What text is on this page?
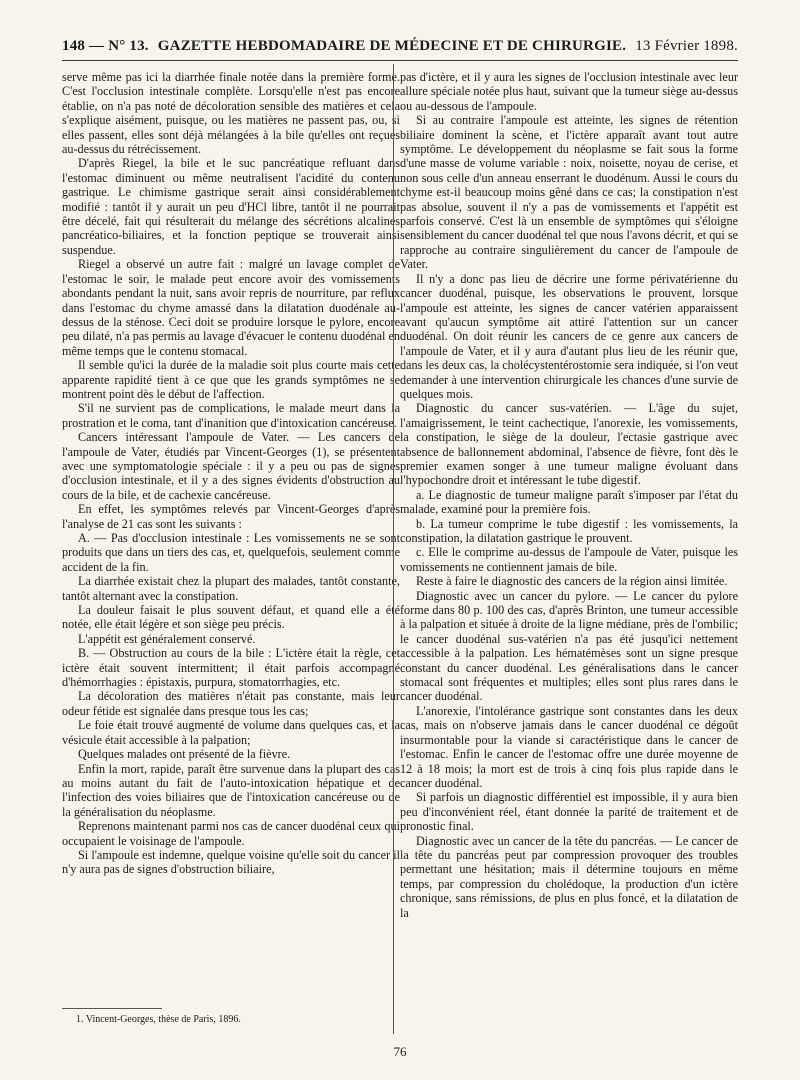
148 — N° 13. GAZETTE HEBDOMADAIRE DE MÉDECINE ET DE CHIRURGIE. 13 Février 1898.

serve même pas ici la diarrhée finale notée dans la première forme. C'est l'occlusion intestinale complète. Lorsqu'elle n'est pas encore établie, on n'a pas noté de décoloration sensible des matières et cela s'explique aisément, puisque, ou les matières ne passent pas, ou, si elles passent, elles sont déjà mélangées à la bile qu'elles ont reçues au-dessus du rétrécissement.

D'après Riegel, la bile et le suc pancréatique refluant dans l'estomac diminuent ou même neutralisent l'acidité du contenu gastrique. Le chimisme gastrique serait ainsi considérablement modifié : tantôt il y aurait un peu d'HCl libre, tantôt il ne pourrait être décelé, fait qui résulterait du mélange des sécrétions alcalines pancréatico-biliaires, et la fonction peptique se trouverait ainsi suspendue.

Riegel a observé un autre fait : malgré un lavage complet de l'estomac le soir, le malade peut encore avoir des vomissements abondants pendant la nuit, sans avoir repris de nourriture, par reflux dans l'estomac du chyme amassé dans la dilatation duodénale au-dessus de la sténose. Ceci doit se produire lorsque le pylore, encore peu dilaté, n'a pas permis au lavage d'évacuer le contenu duodénal en même temps que le contenu stomacal.

Il semble qu'ici la durée de la maladie soit plus courte mais cette apparente rapidité tient à ce que que les grands symptômes ne se montrent point dès le début de l'affection.

S'il ne survient pas de complications, le malade meurt dans la prostration et le coma, tant d'inanition que d'intoxication cancéreuse.

Cancers intéressant l'ampoule de Vater. — Les cancers de l'ampoule de Vater, étudiés par Vincent-Georges (1), se présentent avec une symptomatologie spéciale : il y a peu ou pas de signes d'occlusion intestinale, et il y a des signes évidents d'obstruction au cours de la bile, et de cachexie cancéreuse.

En effet, les symptômes relevés par Vincent-Georges d'après l'analyse de 21 cas sont les suivants :

A. — Pas d'occlusion intestinale : Les vomissements ne se sont produits que dans un tiers des cas, et, quelquefois, seulement comme accident de la fin.

La diarrhée existait chez la plupart des malades, tantôt constante, tantôt alternant avec la constipation.

La douleur faisait le plus souvent défaut, et quand elle a été notée, elle était légère et son siège peu précis.

L'appétit est généralement conservé.

B. — Obstruction au cours de la bile : L'ictère était la règle, cet ictère était souvent intermittent; il était parfois accompagné d'hémorrhagies : épistaxis, purpura, stomatorrhagies, etc.

La décoloration des matières n'était pas constante, mais leur odeur fétide est signalée dans presque tous les cas;

Le foie était trouvé augmenté de volume dans quelques cas, et la vésicule était accessible à la palpation;

Quelques malades ont présenté de la fièvre.

Enfin la mort, rapide, paraît être survenue dans la plupart des cas au moins autant du fait de l'auto-intoxication hépatique et de l'infection des voies biliaires que de l'intoxication cancéreuse ou de la généralisation du néoplasme.

Reprenons maintenant parmi nos cas de cancer duodénal ceux qui occupaient le voisinage de l'ampoule.

Si l'ampoule est indemne, quelque voisine qu'elle soit du cancer il n'y aura pas de signes d'obstruction biliaire,

pas d'ictère, et il y aura les signes de l'occlusion intestinale avec leur allure spéciale notée plus haut, suivant que la tumeur siège au-dessus ou au-dessous de l'ampoule.

Si au contraire l'ampoule est atteinte, les signes de rétention biliaire dominent la scène, et l'ictère apparaît avant tout autre symptôme. Le développement du néoplasme se fait sous la forme d'une masse de volume variable : noix, noisette, noyau de cerise, et non sous celle d'un anneau enserrant le duodénum. Aussi le cours du chyme est-il beaucoup moins gêné dans ce cas; la constipation n'est pas absolue, souvent il n'y a pas de vomissements et l'appétit est parfois conservé. C'est là un ensemble de symptômes qui s'éloigne sensiblement du cancer duodénal tel que nous l'avons décrit, et qui se rapproche au contraire singulièrement du cancer de l'ampoule de Vater.

Il n'y a donc pas lieu de décrire une forme périvatérienne du cancer duodénal, puisque, les observations le prouvent, lorsque l'ampoule est atteinte, les signes de cancer vatérien apparaissent avant qu'aucun symptôme ait attiré l'attention sur un cancer duodénal. On doit réunir les cancers de ce genre aux cancers de l'ampoule de Vater, et il y aura d'autant plus lieu de les réunir que, dans les deux cas, la cholécystentérostomie sera indiquée, si l'on veut demander à une intervention chirurgicale les chances d'une survie de quelques mois.

Diagnostic du cancer sus-vatérien. — L'âge du sujet, l'amaigrissement, le teint cachectique, l'anorexie, les vomissements, la constipation, le siège de la douleur, l'ectasie gastrique avec absence de ballonnement abdominal, l'absence de fièvre, font dès le premier examen songer à une tumeur maligne évoluant dans l'hypochondre droit et intéressant le tube digestif.

a. Le diagnostic de tumeur maligne paraît s'imposer par l'état du malade, examiné pour la première fois.

b. La tumeur comprime le tube digestif : les vomissements, la constipation, la dilatation gastrique le prouvent.

c. Elle le comprime au-dessus de l'ampoule de Vater, puisque les vomissements ne contiennent jamais de bile.

Reste à faire le diagnostic des cancers de la région ainsi limitée.

Diagnostic avec un cancer du pylore. — Le cancer du pylore forme dans 80 p. 100 des cas, d'après Brinton, une tumeur accessible à la palpation et située à droite de la ligne médiane, près de l'ombilic; le cancer duodénal sus-vatérien n'a pas été jusqu'ici nettement accessible à la palpation. Les hématémèses sont un signe presque constant du cancer duodénal. Les généralisations dans le cancer stomacal sont fréquentes et multiples; elles sont plus rares dans le cancer duodénal.

L'anorexie, l'intolérance gastrique sont constantes dans les deux cas, mais on n'observe jamais dans le cancer duodénal ce dégoût insurmontable pour la viande si caractéristique dans le cancer de l'estomac. Enfin le cancer de l'estomac offre une durée moyenne de 12 à 18 mois; la mort est de trois à cinq fois plus rapide dans le cancer duodénal.

Si parfois un diagnostic différentiel est impossible, il y aura bien peu d'inconvénient réel, étant donnée la parité de traitement et de pronostic final.

Diagnostic avec un cancer de la tête du pancréas. — Le cancer de la tête du pancréas peut par compression provoquer des troubles permettant une hésitation; mais il détermine toujours en même temps, par compression du cholédoque, la production d'un ictère chronique, sans rémissions, de plus en plus foncé, et la dilatation de la

1. Vincent-Georges, thèse de Paris, 1896.
76
